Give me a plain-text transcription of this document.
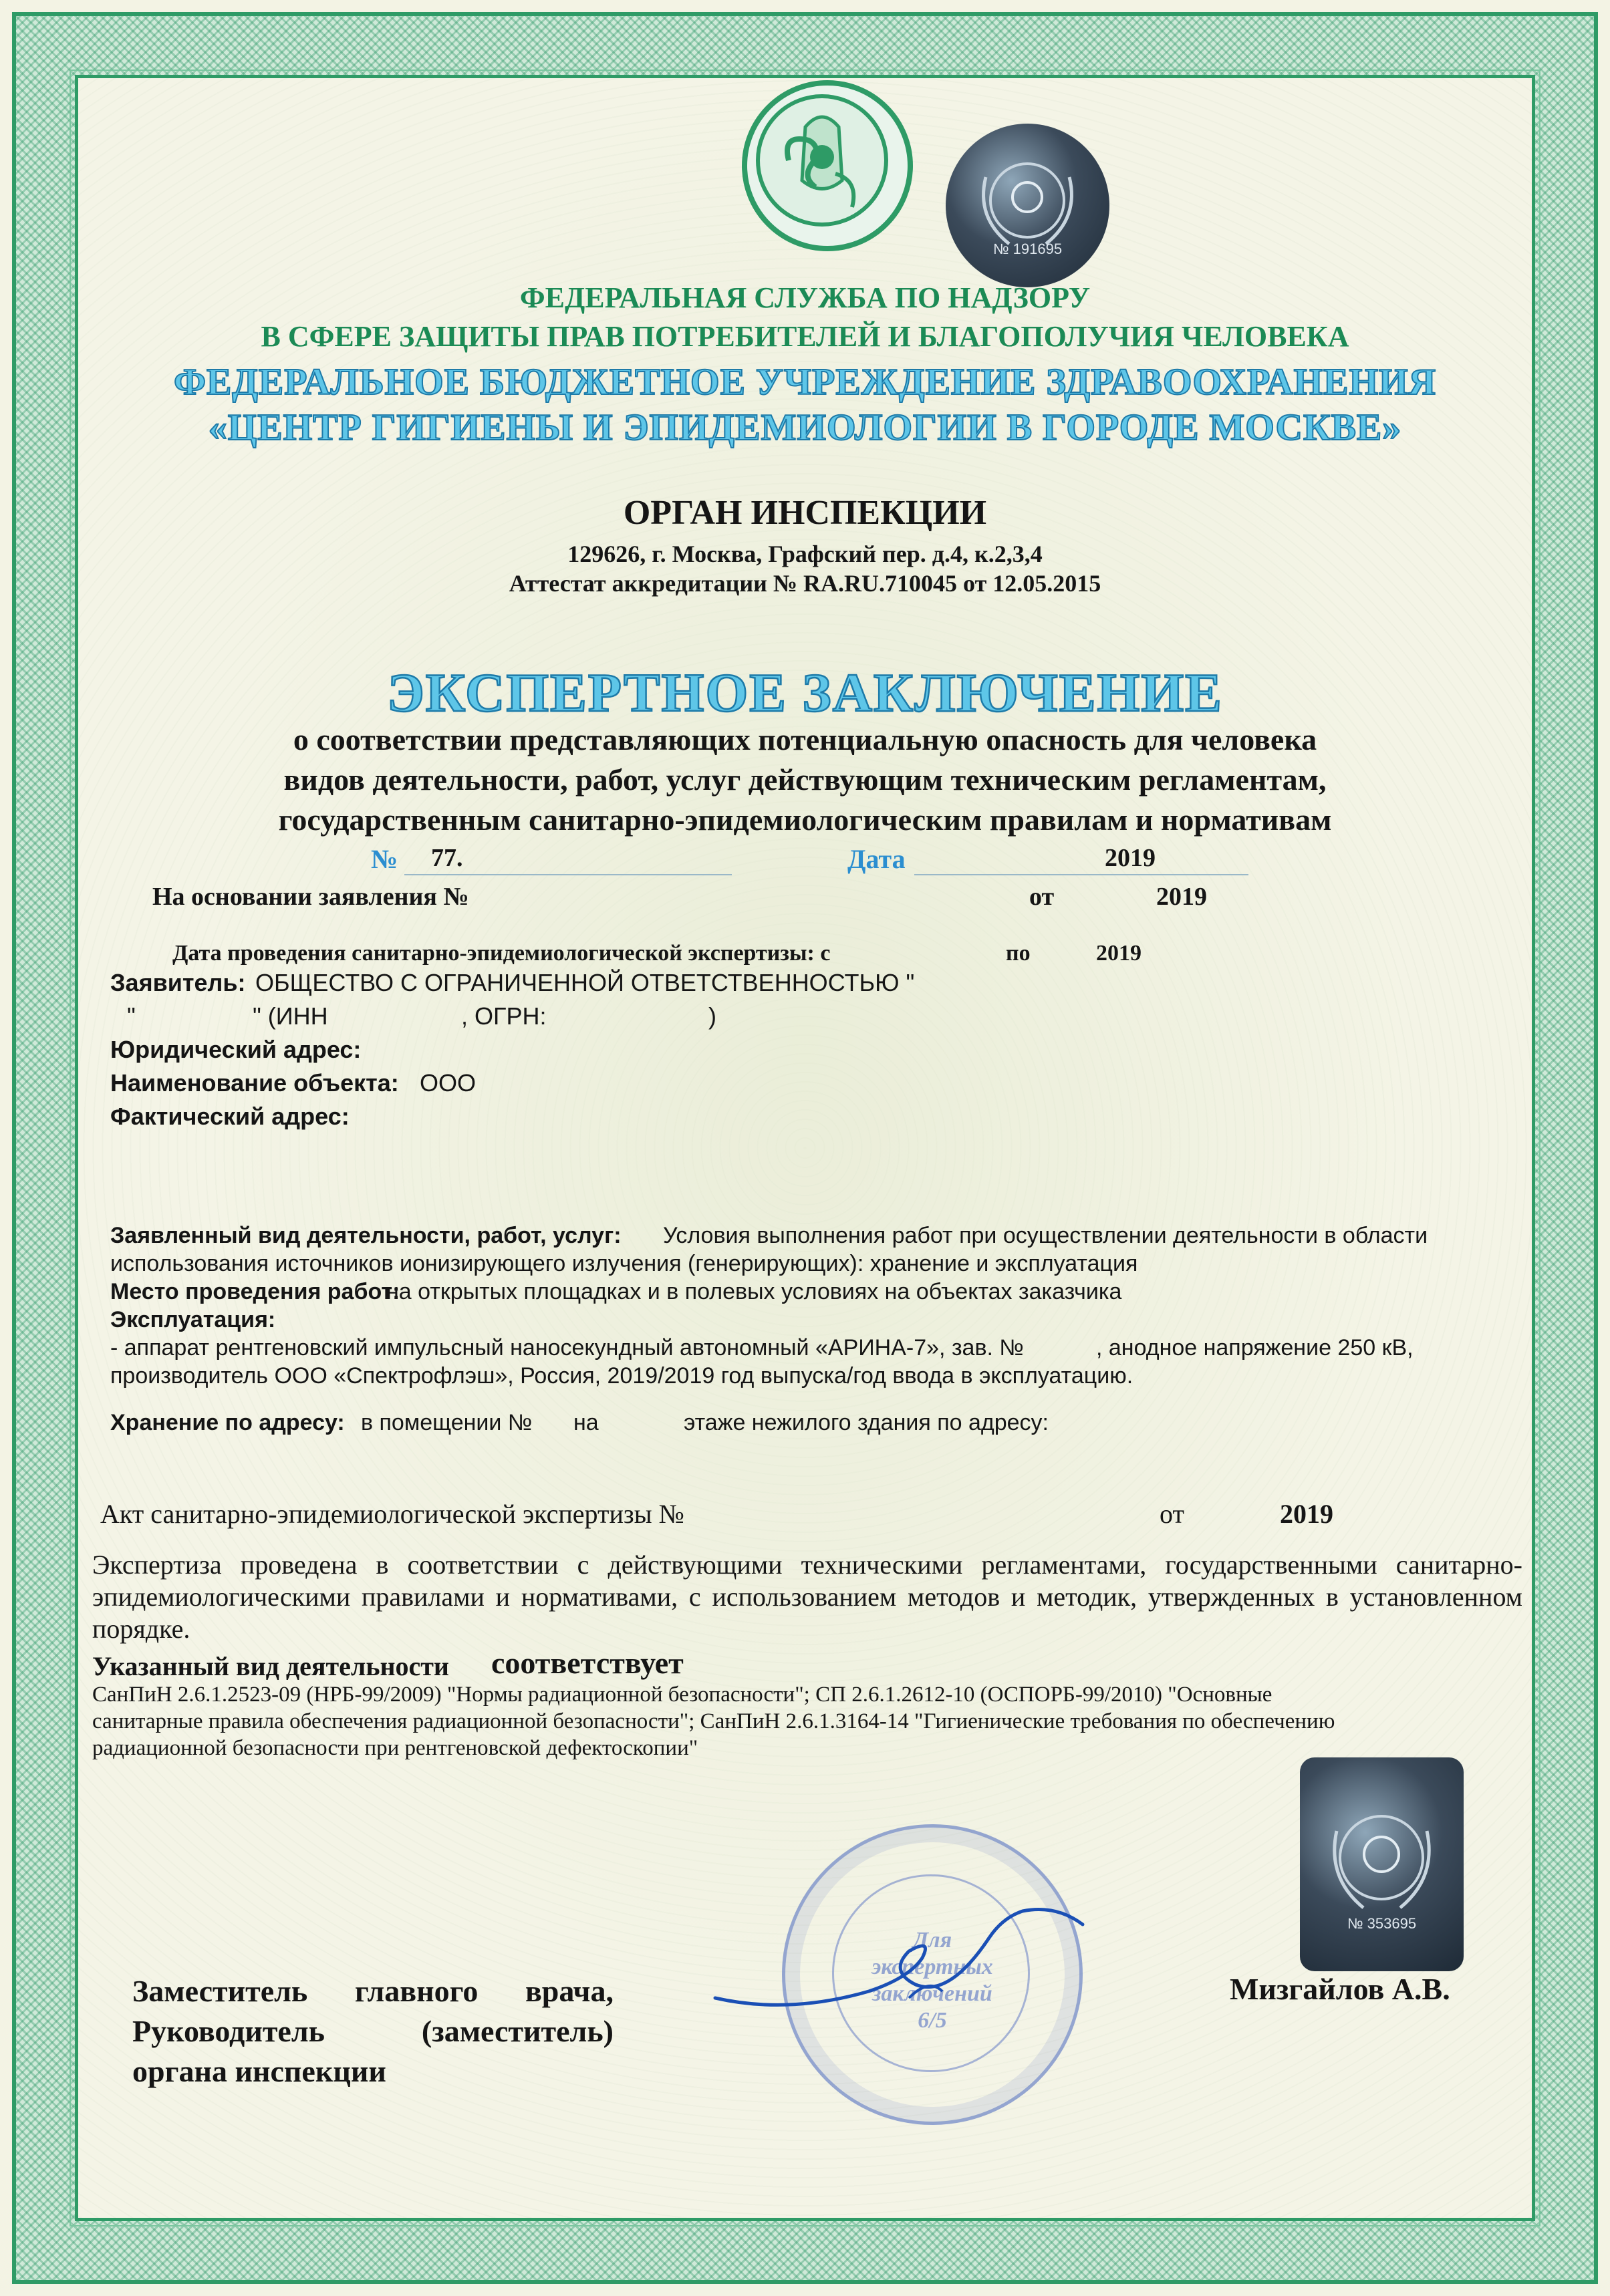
№ 191695
ФЕДЕРАЛЬНАЯ СЛУЖБА ПО НАДЗОРУ
В СФЕРЕ ЗАЩИТЫ ПРАВ ПОТРЕБИТЕЛЕЙ И БЛАГОПОЛУЧИЯ ЧЕЛОВЕКА
ФЕДЕРАЛЬНОЕ БЮДЖЕТНОЕ УЧРЕЖДЕНИЕ ЗДРАВООХРАНЕНИЯ
«ЦЕНТР ГИГИЕНЫ И ЭПИДЕМИОЛОГИИ В ГОРОДЕ МОСКВЕ»
ОРГАН ИНСПЕКЦИИ
129626, г. Москва, Графский пер. д.4, к.2,3,4
Аттестат аккредитации № RA.RU.710045 от 12.05.2015
ЭКСПЕРТНОЕ ЗАКЛЮЧЕНИЕ
о соответствии представляющих потенциальную опасность для человека
видов деятельности, работ, услуг действующим техническим регламентам,
государственным санитарно-эпидемиологическим правилам и нормативам
№ 77.	Дата	2019
На основании заявления №	от	2019
Дата проведения санитарно-эпидемиологической экспертизы: с	по	2019
Заявитель: ОБЩЕСТВО С ОГРАНИЧЕННОЙ ОТВЕТСТВЕННОСТЬЮ "
"	" (ИНН	, ОГРН:	)
Юридический адрес:
Наименование объекта: ООО
Фактический адрес:
Заявленный вид деятельности, работ, услуг: Условия выполнения работ при осуществлении деятельности в области
использования источников ионизирующего излучения (генерирующих): хранение и эксплуатация
Место проведения работ:
на открытых площадках и в полевых условиях на объектах заказчика
Эксплуатация:
- аппарат рентгеновский импульсный наносекундный автономный «АРИНА-7», зав. №	, анодное напряжение 250 кВ,
производитель ООО «Спектрофлэш», Россия, 2019/2019 год выпуска/год ввода в эксплуатацию.
Хранение по адресу: в помещении № на	этаже нежилого здания по адресу:
Акт санитарно-эпидемиологической экспертизы №	от	2019
Экспертиза проведена в соответствии с действующими техническими регламентами, государственными санитарно-эпидемиологическими правилами и нормативами, с использованием методов и методик, утвержденных в установленном порядке.
Указанный вид деятельности соответствует
СанПиН 2.6.1.2523-09 (НРБ-99/2009) "Нормы радиационной безопасности"; СП 2.6.1.2612-10 (ОСПОРБ-99/2010) "Основные
санитарные правила обеспечения радиационной безопасности"; СанПиН 2.6.1.3164-14 "Гигиенические требования по обеспечению
радиационной безопасности при рентгеновской дефектоскопии"
№ 353695
Для
экспертных
заключений
6/5
Заместитель главного врача,
Руководитель	(заместитель)
органа инспекции
Мизгайлов А.В.
